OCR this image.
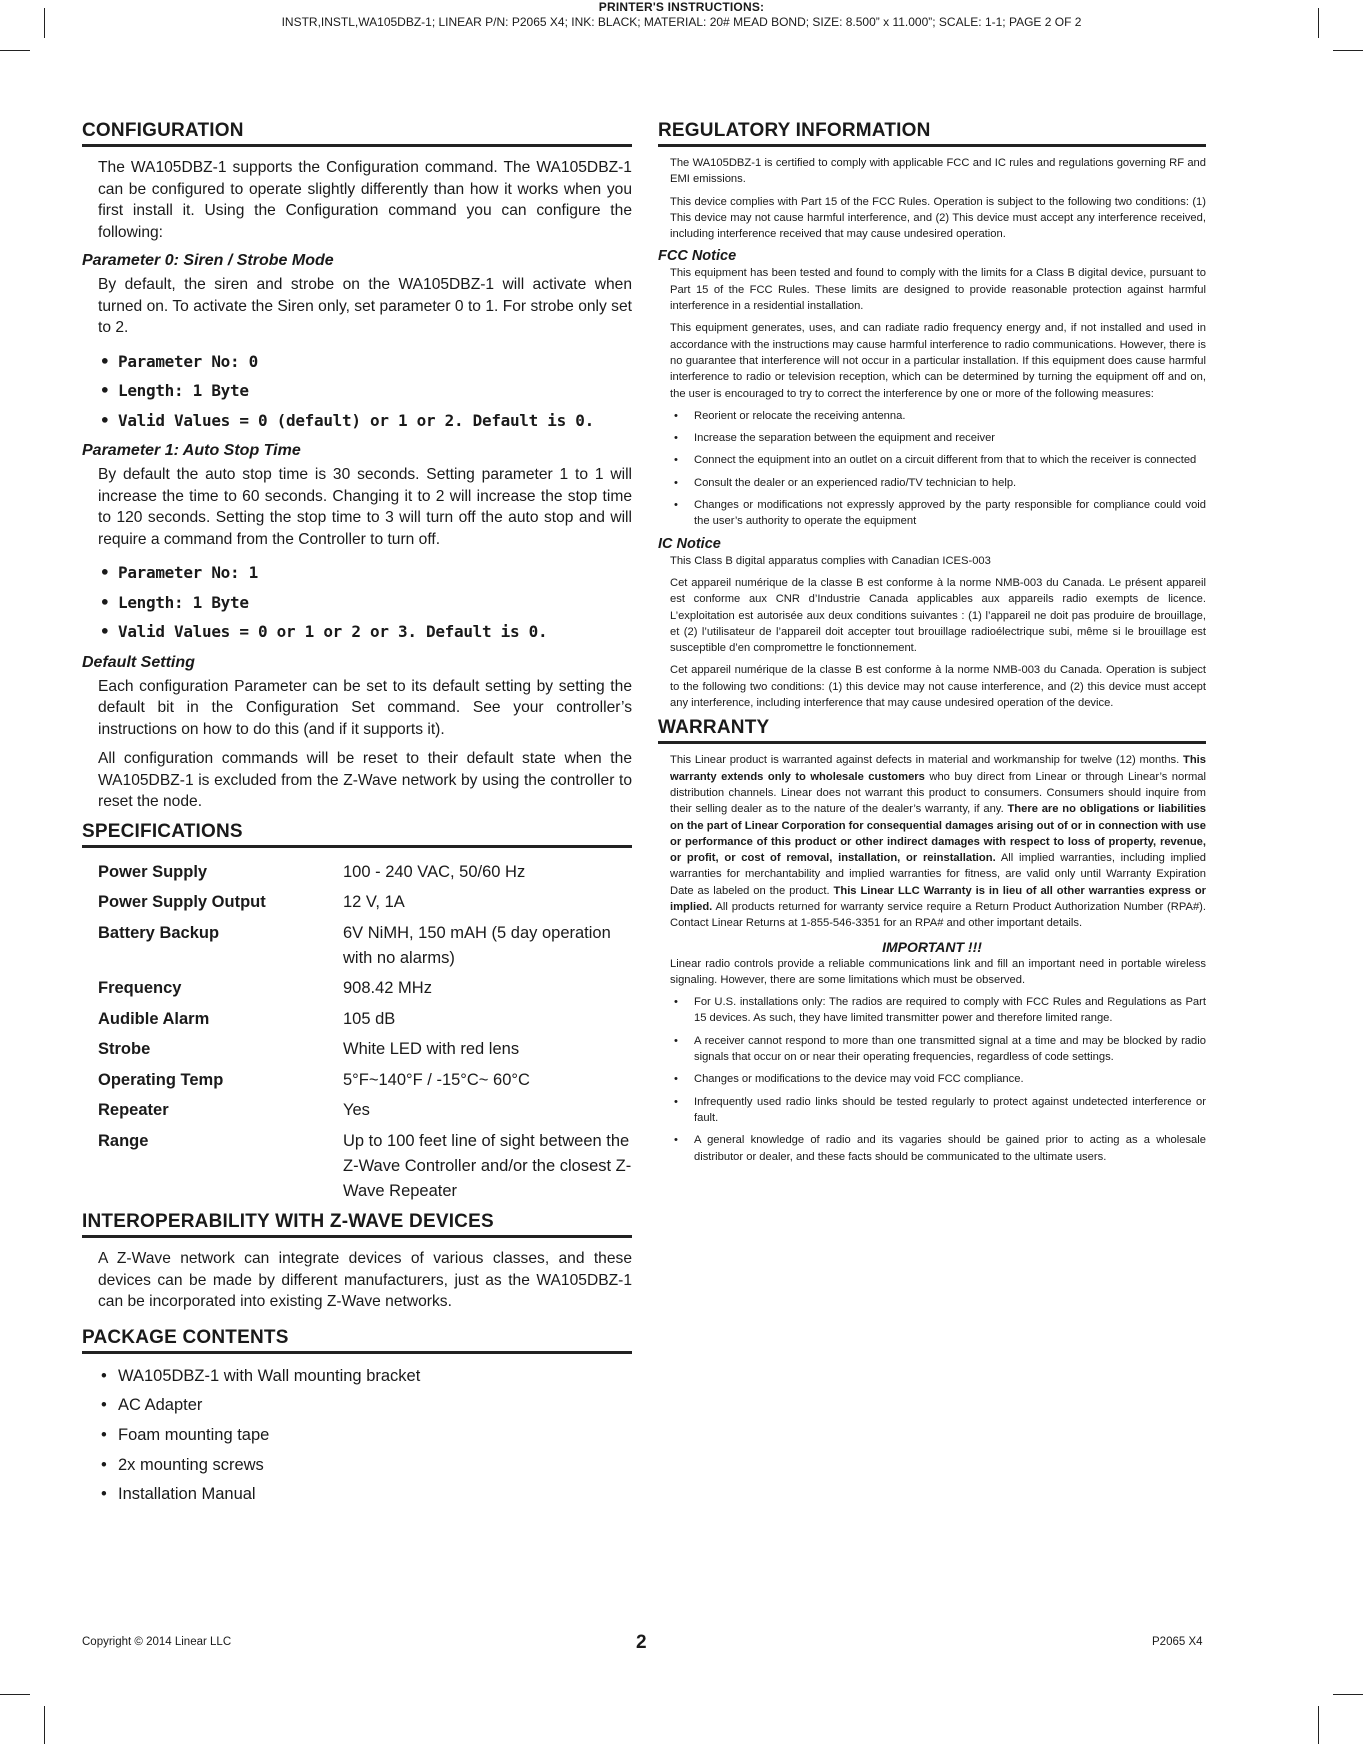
PRINTER'S INSTRUCTIONS:
INSTR,INSTL,WA105DBZ-1; LINEAR P/N: P2065 X4; INK: BLACK; MATERIAL: 20# MEAD BOND; SIZE: 8.500” x 11.000”; SCALE: 1-1; PAGE 2 OF 2
CONFIGURATION

The WA105DBZ-1 supports the Configuration command. The WA105DBZ-1 can be configured to operate slightly differently than how it works when you first install it. Using the Configuration command you can configure the following:

Parameter 0: Siren / Strobe Mode

By default, the siren and strobe on the WA105DBZ-1 will activate when turned on. To activate the Siren only, set parameter 0 to 1. For strobe only set to 2.

• Parameter No: 0
• Length: 1 Byte
• Valid Values = 0 (default) or 1 or 2. Default is 0.
Parameter 1: Auto Stop Time

By default the auto stop time is 30 seconds. Setting parameter 1 to 1 will increase the time to 60 seconds. Changing it to 2 will increase the stop time to 120 seconds. Setting the stop time to 3 will turn off the auto stop and will require a command from the Controller to turn off.

• Parameter No: 1
• Length: 1 Byte
• Valid Values = 0 or 1 or 2 or 3. Default is 0.
Default Setting

Each configuration Parameter can be set to its default setting by setting the default bit in the Configuration Set command. See your controller’s instructions on how to do this (and if it supports it).

All configuration commands will be reset to their default state when the WA105DBZ-1 is excluded from the Z-Wave network by using the controller to reset the node.

SPECIFICATIONS
Power Supply	100 - 240 VAC, 50/60 Hz
Power Supply Output	12 V, 1A
Battery Backup	6V NiMH, 150 mAH (5 day operation with no alarms)
Frequency	908.42 MHz
Audible Alarm	105 dB
Strobe	White LED with red lens
Operating Temp	5°F~140°F / -15°C~ 60°C
Repeater	Yes
Range	Up to 100 feet line of sight between the Z-Wave Controller and/or the closest Z-Wave Repeater
INTEROPERABILITY WITH Z-WAVE DEVICES

A Z-Wave network can integrate devices of various classes, and these devices can be made by different manufacturers, just as the WA105DBZ-1 can be incorporated into existing Z-Wave networks.

PACKAGE CONTENTS
• WA105DBZ-1 with Wall mounting bracket
• AC Adapter
• Foam mounting tape
• 2x mounting screws
• Installation Manual
REGULATORY INFORMATION

The WA105DBZ-1 is certified to comply with applicable FCC and IC rules and regulations governing RF and EMI emissions.

This device complies with Part 15 of the FCC Rules. Operation is subject to the following two conditions: (1) This device may not cause harmful interference, and (2) This device must accept any interference received, including interference received that may cause undesired operation.

FCC Notice

This equipment has been tested and found to comply with the limits for a Class B digital device, pursuant to Part 15 of the FCC Rules. These limits are designed to provide reasonable protection against harmful interference in a residential installation.

This equipment generates, uses, and can radiate radio frequency energy and, if not installed and used in accordance with the instructions may cause harmful interference to radio communications. However, there is no guarantee that interference will not occur in a particular installation. If this equipment does cause harmful interference to radio or television reception, which can be determined by turning the equipment off and on, the user is encouraged to try to correct the interference by one or more of the following measures:

• Reorient or relocate the receiving antenna.
• Increase the separation between the equipment and receiver
• Connect the equipment into an outlet on a circuit different from that to which the receiver is connected
• Consult the dealer or an experienced radio/TV technician to help.
• Changes or modifications not expressly approved by the party responsible for compliance could void the user’s authority to operate the equipment
IC Notice

This Class B digital apparatus complies with Canadian ICES-003

Cet appareil numérique de la classe B est conforme à la norme NMB-003 du Canada. Le présent appareil est conforme aux CNR d’Industrie Canada applicables aux appareils radio exempts de licence. L’exploitation est autorisée aux deux conditions suivantes : (1) l’appareil ne doit pas produire de brouillage, et (2) l’utilisateur de l’appareil doit accepter tout brouillage radioélectrique subi, même si le brouillage est susceptible d’en compromettre le fonctionnement.

Cet appareil numérique de la classe B est conforme à la norme NMB-003 du Canada. Operation is subject to the following two conditions: (1) this device may not cause interference, and (2) this device must accept any interference, including interference that may cause undesired operation of the device.

WARRANTY

This Linear product is warranted against defects in material and workmanship for twelve (12) months. This warranty extends only to wholesale customers who buy direct from Linear or through Linear’s normal distribution channels. Linear does not warrant this product to consumers. Consumers should inquire from their selling dealer as to the nature of the dealer’s warranty, if any. There are no obligations or liabilities on the part of Linear Corporation for consequential damages arising out of or in connection with use or performance of this product or other indirect damages with respect to loss of property, revenue, or profit, or cost of removal, installation, or reinstallation. All implied warranties, including implied warranties for merchantability and implied warranties for fitness, are valid only until Warranty Expiration Date as labeled on the product. This Linear LLC Warranty is in lieu of all other warranties express or implied. All products returned for warranty service require a Return Product Authorization Number (RPA#). Contact Linear Returns at 1-855-546-3351 for an RPA# and other important details.

IMPORTANT !!!

Linear radio controls provide a reliable communications link and fill an important need in portable wireless signaling. However, there are some limitations which must be observed.

• For U.S. installations only: The radios are required to comply with FCC Rules and Regulations as Part 15 devices. As such, they have limited transmitter power and therefore limited range.
• A receiver cannot respond to more than one transmitted signal at a time and may be blocked by radio signals that occur on or near their operating frequencies, regardless of code settings.
• Changes or modifications to the device may void FCC compliance.
• Infrequently used radio links should be tested regularly to protect against undetected interference or fault.
• A general knowledge of radio and its vagaries should be gained prior to acting as a wholesale distributor or dealer, and these facts should be communicated to the ultimate users.
Copyright © 2014 Linear LLC	2	P2065 X4
